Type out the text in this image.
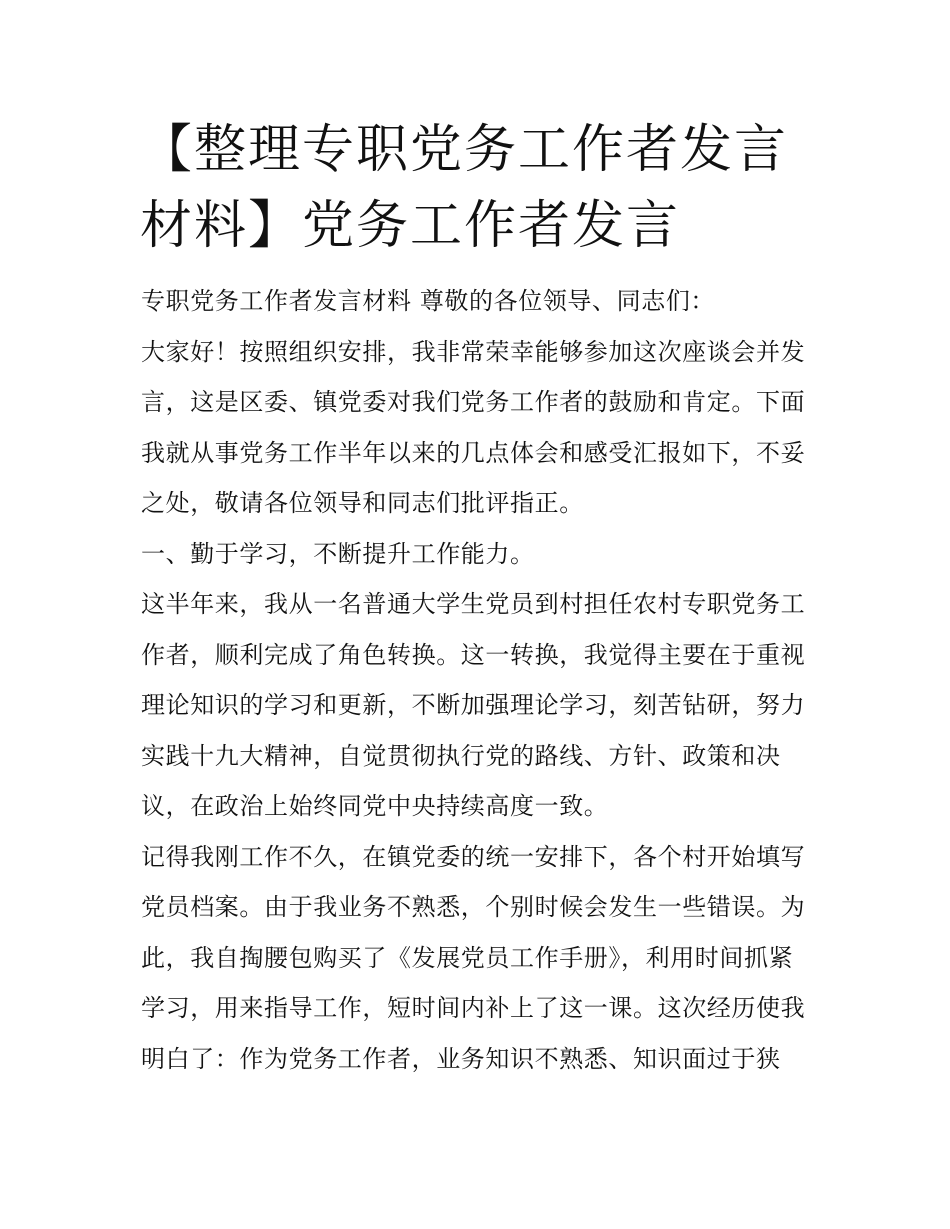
【整理专职党务工作者发言材料】党务工作者发言

专职党务工作者发言材料 尊敬的各位领导、同志们：

大家好！按照组织安排，我非常荣幸能够参加这次座谈会并发言，这是区委、镇党委对我们党务工作者的鼓励和肯定。下面我就从事党务工作半年以来的几点体会和感受汇报如下，不妥之处，敬请各位领导和同志们批评指正。

一、勤于学习，不断提升工作能力。

这半年来，我从一名普通大学生党员到村担任农村专职党务工作者，顺利完成了角色转换。这一转换，我觉得主要在于重视理论知识的学习和更新，不断加强理论学习，刻苦钻研，努力实践十九大精神，自觉贯彻执行党的路线、方针、政策和决议，在政治上始终同党中央持续高度一致。

记得我刚工作不久，在镇党委的统一安排下，各个村开始填写党员档案。由于我业务不熟悉，个别时候会发生一些错误。为此，我自掏腰包购买了《发展党员工作手册》，利用时间抓紧学习，用来指导工作，短时间内补上了这一课。这次经历使我明白了：作为党务工作者，业务知识不熟悉、知识面过于狭
